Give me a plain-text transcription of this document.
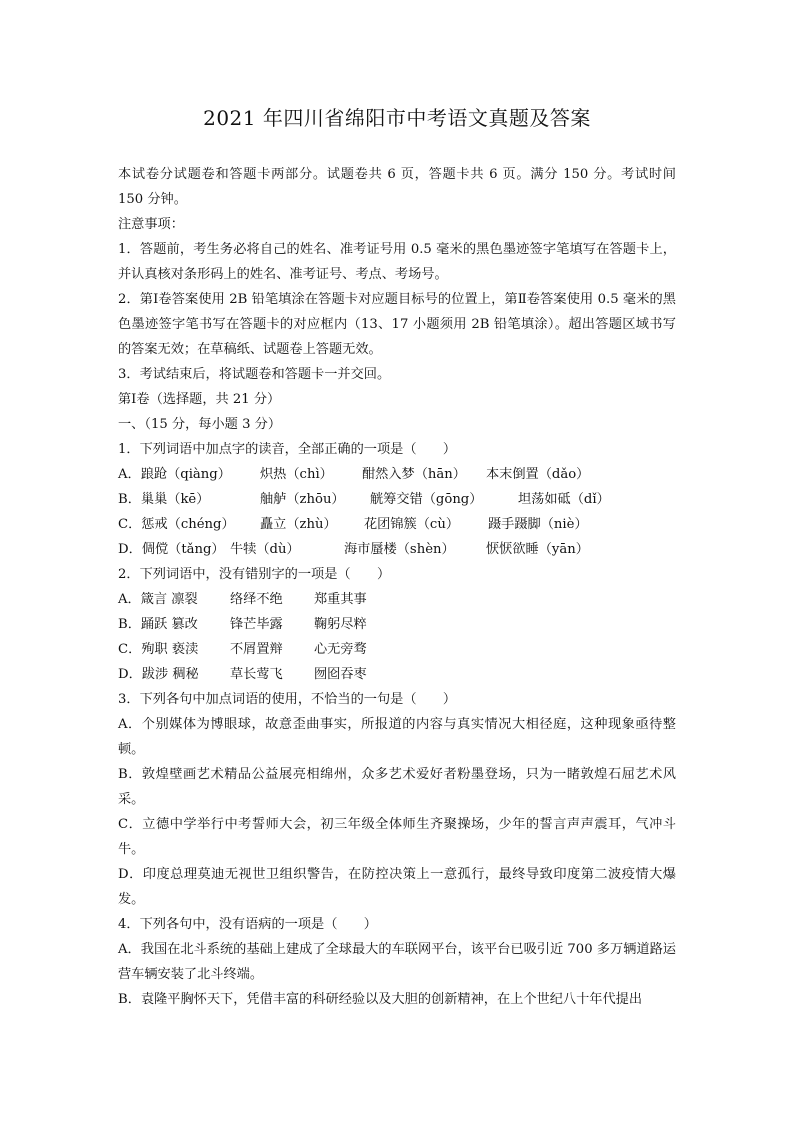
2021 年四川省绵阳市中考语文真题及答案

本试卷分试题卷和答题卡两部分。试题卷共 6 页，答题卡共 6 页。满分 150 分。考试时间 150 分钟。

注意事项：

1．答题前，考生务必将自己的姓名、准考证号用 0.5 毫米的黑色墨迹签字笔填写在答题卡上，并认真核对条形码上的姓名、准考证号、考点、考场号。

2．第Ⅰ卷答案使用 2B 铅笔填涂在答题卡对应题目标号的位置上，第Ⅱ卷答案使用 0.5 毫米的黑色墨迹签字笔书写在答题卡的对应框内（13、17 小题须用 2B 铅笔填涂）。超出答题区域书写的答案无效；在草稿纸、试题卷上答题无效。

3．考试结束后，将试题卷和答题卡一并交回。

第Ⅰ卷（选择题，共 21 分）

一、（15 分，每小题 3 分）

1．下列词语中加点字的读音，全部正确的一项是（　　）

A．踉跄（qiàng）	炽热（chì）	酣然入梦（hān）	本末倒置（dǎo）
B．巢巢（kē）	舳舻（zhōu）	觥筹交错（gōng）	坦荡如砥（dǐ）
C．惩戒（chéng）	矗立（zhù）	花团锦簇（cù）	蹑手蹑脚（niè）
D．倜傥（tǎng） 牛犊（dù）	海市蜃楼（shèn）	恹恹欲睡（yān）

2．下列词语中，没有错别字的一项是（　　）

A．箴言 凛裂	络绎不绝	郑重其事
B．踊跃 篡改	锋芒毕露	鞠躬尽粹
C．殉职 亵渎	不屑置辩	心无旁骛
D．跋涉 稠秘	草长莺飞	囫囵吞枣

3．下列各句中加点词语的使用，不恰当的一句是（　　）

A．个别媒体为博眼球，故意歪曲事实，所报道的内容与真实情况大相径庭，这种现象亟待整顿。

B．敦煌壁画艺术精品公益展亮相绵州，众多艺术爱好者粉墨登场，只为一睹敦煌石屈艺术风采。

C．立德中学举行中考誓师大会，初三年级全体师生齐聚操场，少年的誓言声声震耳，气冲斗牛。

D．印度总理莫迪无视世卫组织警告，在防控决策上一意孤行，最终导致印度第二波疫情大爆发。

4．下列各句中，没有语病的一项是（　　）

A．我国在北斗系统的基础上建成了全球最大的车联网平台，该平台已吸引近 700 多万辆道路运营车辆安装了北斗终端。

B．袁隆平胸怀天下，凭借丰富的科研经验以及大胆的创新精神，在上个世纪八十年代提出
